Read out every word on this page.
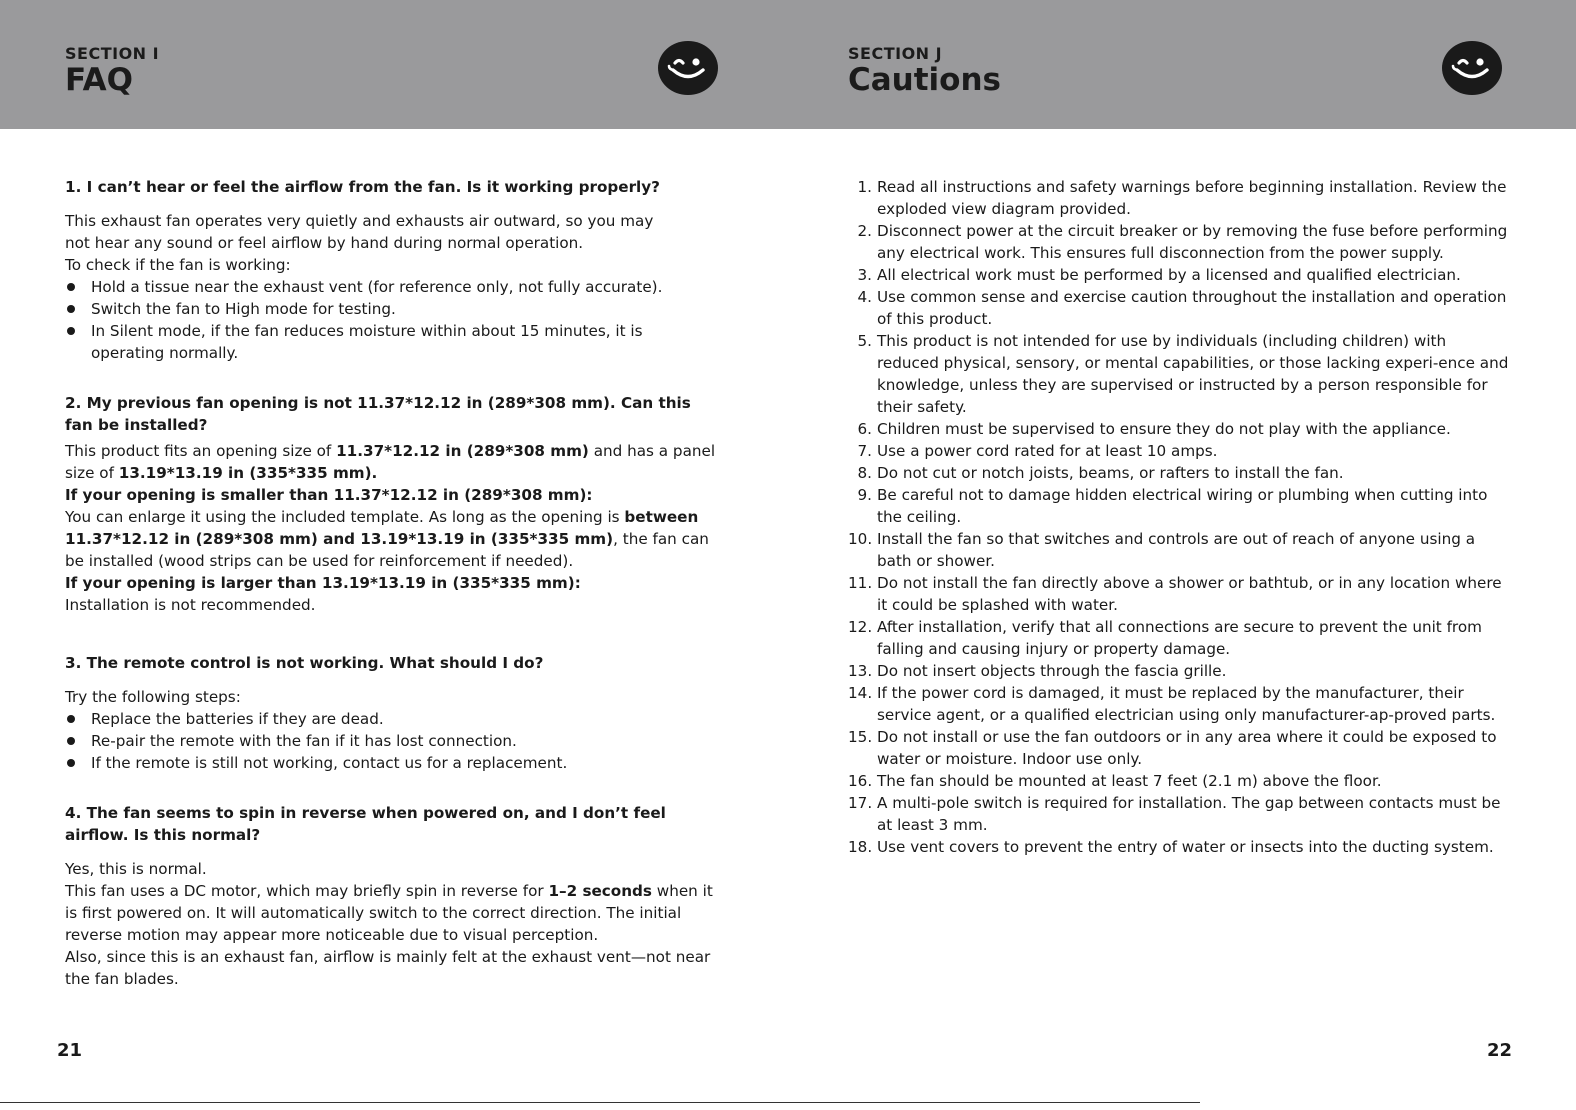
SECTION I
FAQ
SECTION J
Cautions

1. I can’t hear or feel the airflow from the fan. Is it working properly?

This exhaust fan operates very quietly and exhausts air outward, so you may

not hear any sound or feel airflow by hand during normal operation.

To check if the fan is working:

Hold a tissue near the exhaust vent (for reference only, not fully accurate).

Switch the fan to High mode for testing.

In Silent mode, if the fan reduces moisture within about 15 minutes, it is operating normally.

2. My previous fan opening is not 11.37*12.12 in (289*308 mm). Can this fan be installed?

This product fits an opening size of 11.37*12.12 in (289*308 mm) and has a panel size of 13.19*13.19 in (335*335 mm).

If your opening is smaller than 11.37*12.12 in (289*308 mm):

You can enlarge it using the included template. As long as the opening is between 11.37*12.12 in (289*308 mm) and 13.19*13.19 in (335*335 mm), the fan can be installed (wood strips can be used for reinforcement if needed).

If your opening is larger than 13.19*13.19 in (335*335 mm):

Installation is not recommended.

3. The remote control is not working. What should I do?

Try the following steps:

Replace the batteries if they are dead.

Re-pair the remote with the fan if it has lost connection.

If the remote is still not working, contact us for a replacement.

4. The fan seems to spin in reverse when powered on, and I don’t feel airflow. Is this normal?

Yes, this is normal.

This fan uses a DC motor, which may briefly spin in reverse for 1–2 seconds when it is first powered on. It will automatically switch to the correct direction. The initial reverse motion may appear more noticeable due to visual perception.

Also, since this is an exhaust fan, airflow is mainly felt at the exhaust vent—not near the fan blades.

1. Read all instructions and safety warnings before beginning installation. Review the exploded view diagram provided.
2. Disconnect power at the circuit breaker or by removing the fuse before performing any electrical work. This ensures full disconnection from the power supply.
3. All electrical work must be performed by a licensed and qualified electrician.
4. Use common sense and exercise caution throughout the installation and operation of this product.
5. This product is not intended for use by individuals (including children) with reduced physical, sensory, or mental capabilities, or those lacking experi-ence and knowledge, unless they are supervised or instructed by a person responsible for their safety.
6. Children must be supervised to ensure they do not play with the appliance.
7. Use a power cord rated for at least 10 amps.
8. Do not cut or notch joists, beams, or rafters to install the fan.
9. Be careful not to damage hidden electrical wiring or plumbing when cutting into the ceiling.
10. Install the fan so that switches and controls are out of reach of anyone using a bath or shower.
11. Do not install the fan directly above a shower or bathtub, or in any location where it could be splashed with water.
12. After installation, verify that all connections are secure to prevent the unit from falling and causing injury or property damage.
13. Do not insert objects through the fascia grille.
14. If the power cord is damaged, it must be replaced by the manufacturer, their service agent, or a qualified electrician using only manufacturer-ap-proved parts.
15. Do not install or use the fan outdoors or in any area where it could be exposed to water or moisture. Indoor use only.
16. The fan should be mounted at least 7 feet (2.1 m) above the floor.
17. A multi-pole switch is required for installation. The gap between contacts must be at least 3 mm.
18. Use vent covers to prevent the entry of water or insects into the ducting system.
21	22
